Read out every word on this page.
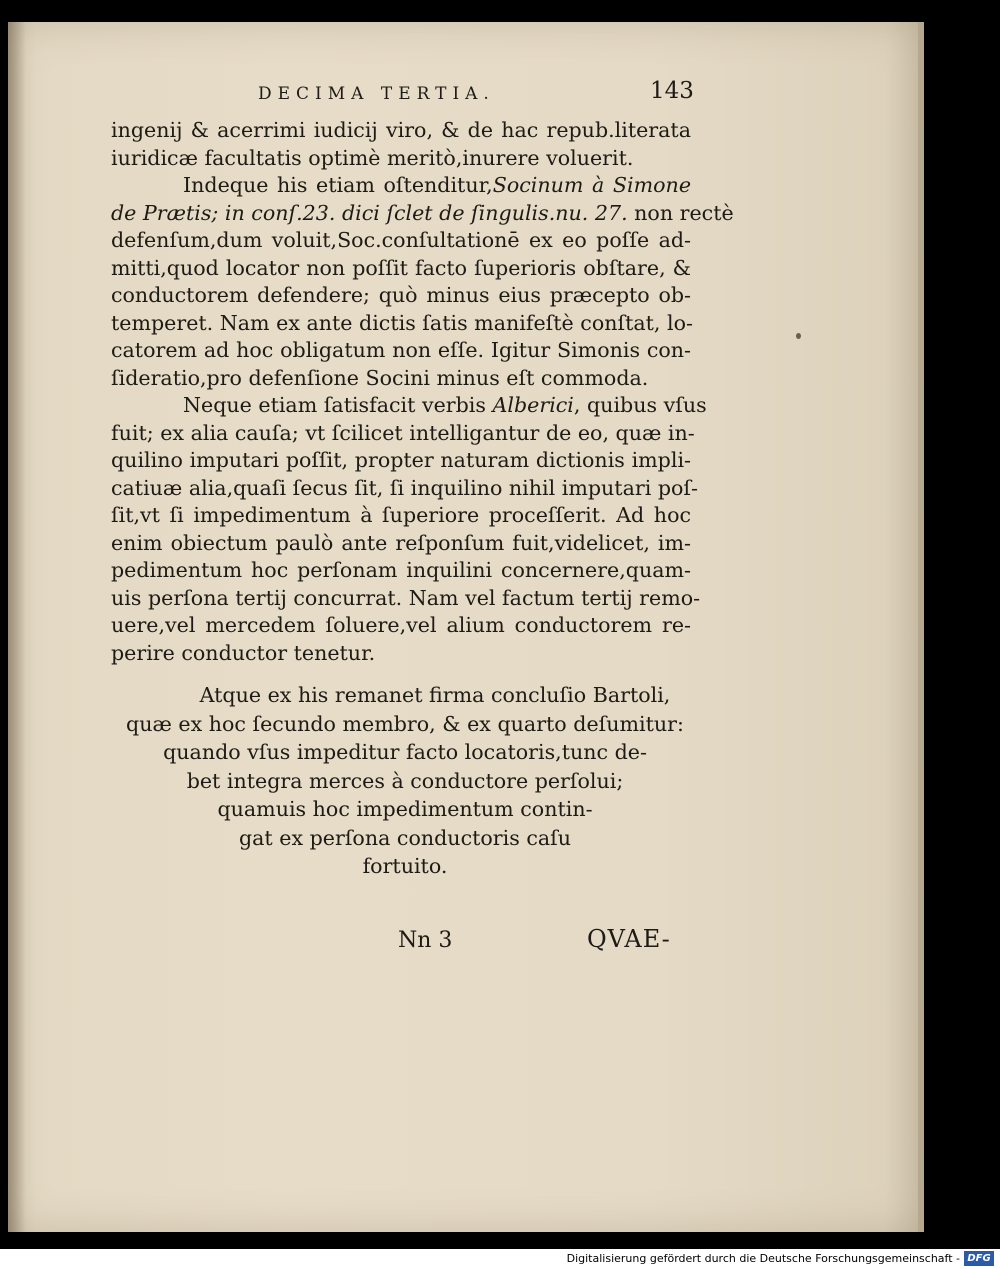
DECIMA TERTIA.	143

ingenij & acerrimi iudicij viro, & de hac repub.literata
iuridicæ facultatis optimè meritò,inurere voluerit.
Indeque his etiam oſtenditur,Socinum à Simone
de Prætis; in conſ.23. dici ſclet de ſingulis.nu. 27. non rectè
defenſum,dum voluit,Soc.conſultationē ex eo poſſe ad-
mitti,quod locator non poſſit facto ſuperioris obſtare, &
conductorem defendere; quò minus eius præcepto ob-
temperet. Nam ex ante dictis ſatis manifeſtè conſtat, lo-
catorem ad hoc obligatum non eſſe. Igitur Simonis con-
ſideratio,pro defenſione Socini minus eſt commoda.
Neque etiam ſatisfacit verbis Alberici, quibus vſus
fuit; ex alia cauſa; vt ſcilicet intelligantur de eo, quæ in-
quilino imputari poſſit, propter naturam dictionis impli-
catiuæ alia,quaſi ſecus ſit, ſi inquilino nihil imputari poſ-
ſit,vt ſi impedimentum à ſuperiore proceſſerit. Ad hoc
enim obiectum paulò ante reſponſum fuit,videlicet, im-
pedimentum hoc perſonam inquilini concernere,quam-
uis perſona tertij concurrat. Nam vel factum tertij remo-
uere,vel mercedem ſoluere,vel alium conductorem re-
perire conductor tenetur.
Atque ex his remanet firma concluſio Bartoli,
quæ ex hoc ſecundo membro, & ex quarto deſumitur:
quando vſus impeditur facto locatoris,tunc de-
bet integra merces à conductore perſolui;
quamuis hoc impedimentum contin-
gat ex perſona conductoris caſu
fortuito.

Nn 3	QVAE-

Digitalisierung gefördert durch die Deutsche Forschungsgemeinschaft - DFG
